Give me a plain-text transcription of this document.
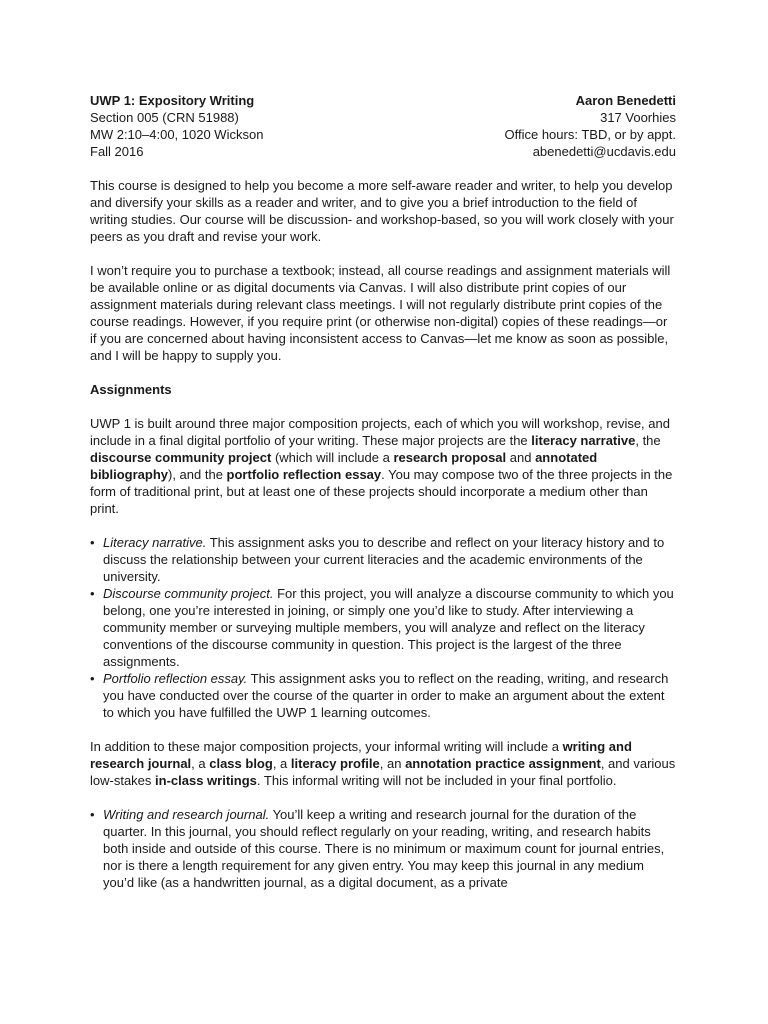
UWP 1: Expository Writing
Section 005 (CRN 51988)
MW 2:10–4:00, 1020 Wickson
Fall 2016
Aaron Benedetti
317 Voorhies
Office hours: TBD, or by appt.
abenedetti@ucdavis.edu

This course is designed to help you become a more self-aware reader and writer, to help you develop and diversify your skills as a reader and writer, and to give you a brief introduction to the field of writing studies. Our course will be discussion- and workshop-based, so you will work closely with your peers as you draft and revise your work.

I won’t require you to purchase a textbook; instead, all course readings and assignment materials will be available online or as digital documents via Canvas. I will also distribute print copies of our assignment materials during relevant class meetings. I will not regularly distribute print copies of the course readings. However, if you require print (or otherwise non-digital) copies of these readings—or if you are concerned about having inconsistent access to Canvas—let me know as soon as possible, and I will be happy to supply you.

Assignments

UWP 1 is built around three major composition projects, each of which you will workshop, revise, and include in a final digital portfolio of your writing. These major projects are the literacy narrative, the discourse community project (which will include a research proposal and annotated bibliography), and the portfolio reflection essay. You may compose two of the three projects in the form of traditional print, but at least one of these projects should incorporate a medium other than print.

• Literacy narrative. This assignment asks you to describe and reflect on your literacy history and to discuss the relationship between your current literacies and the academic environments of the university.
• Discourse community project. For this project, you will analyze a discourse community to which you belong, one you’re interested in joining, or simply one you’d like to study. After interviewing a community member or surveying multiple members, you will analyze and reflect on the literacy conventions of the discourse community in question. This project is the largest of the three assignments.
• Portfolio reflection essay. This assignment asks you to reflect on the reading, writing, and research you have conducted over the course of the quarter in order to make an argument about the extent to which you have fulfilled the UWP 1 learning outcomes.

In addition to these major composition projects, your informal writing will include a writing and research journal, a class blog, a literacy profile, an annotation practice assignment, and various low-stakes in-class writings. This informal writing will not be included in your final portfolio.

• Writing and research journal. You’ll keep a writing and research journal for the duration of the quarter. In this journal, you should reflect regularly on your reading, writing, and research habits both inside and outside of this course. There is no minimum or maximum count for journal entries, nor is there a length requirement for any given entry. You may keep this journal in any medium you’d like (as a handwritten journal, as a digital document, as a private
